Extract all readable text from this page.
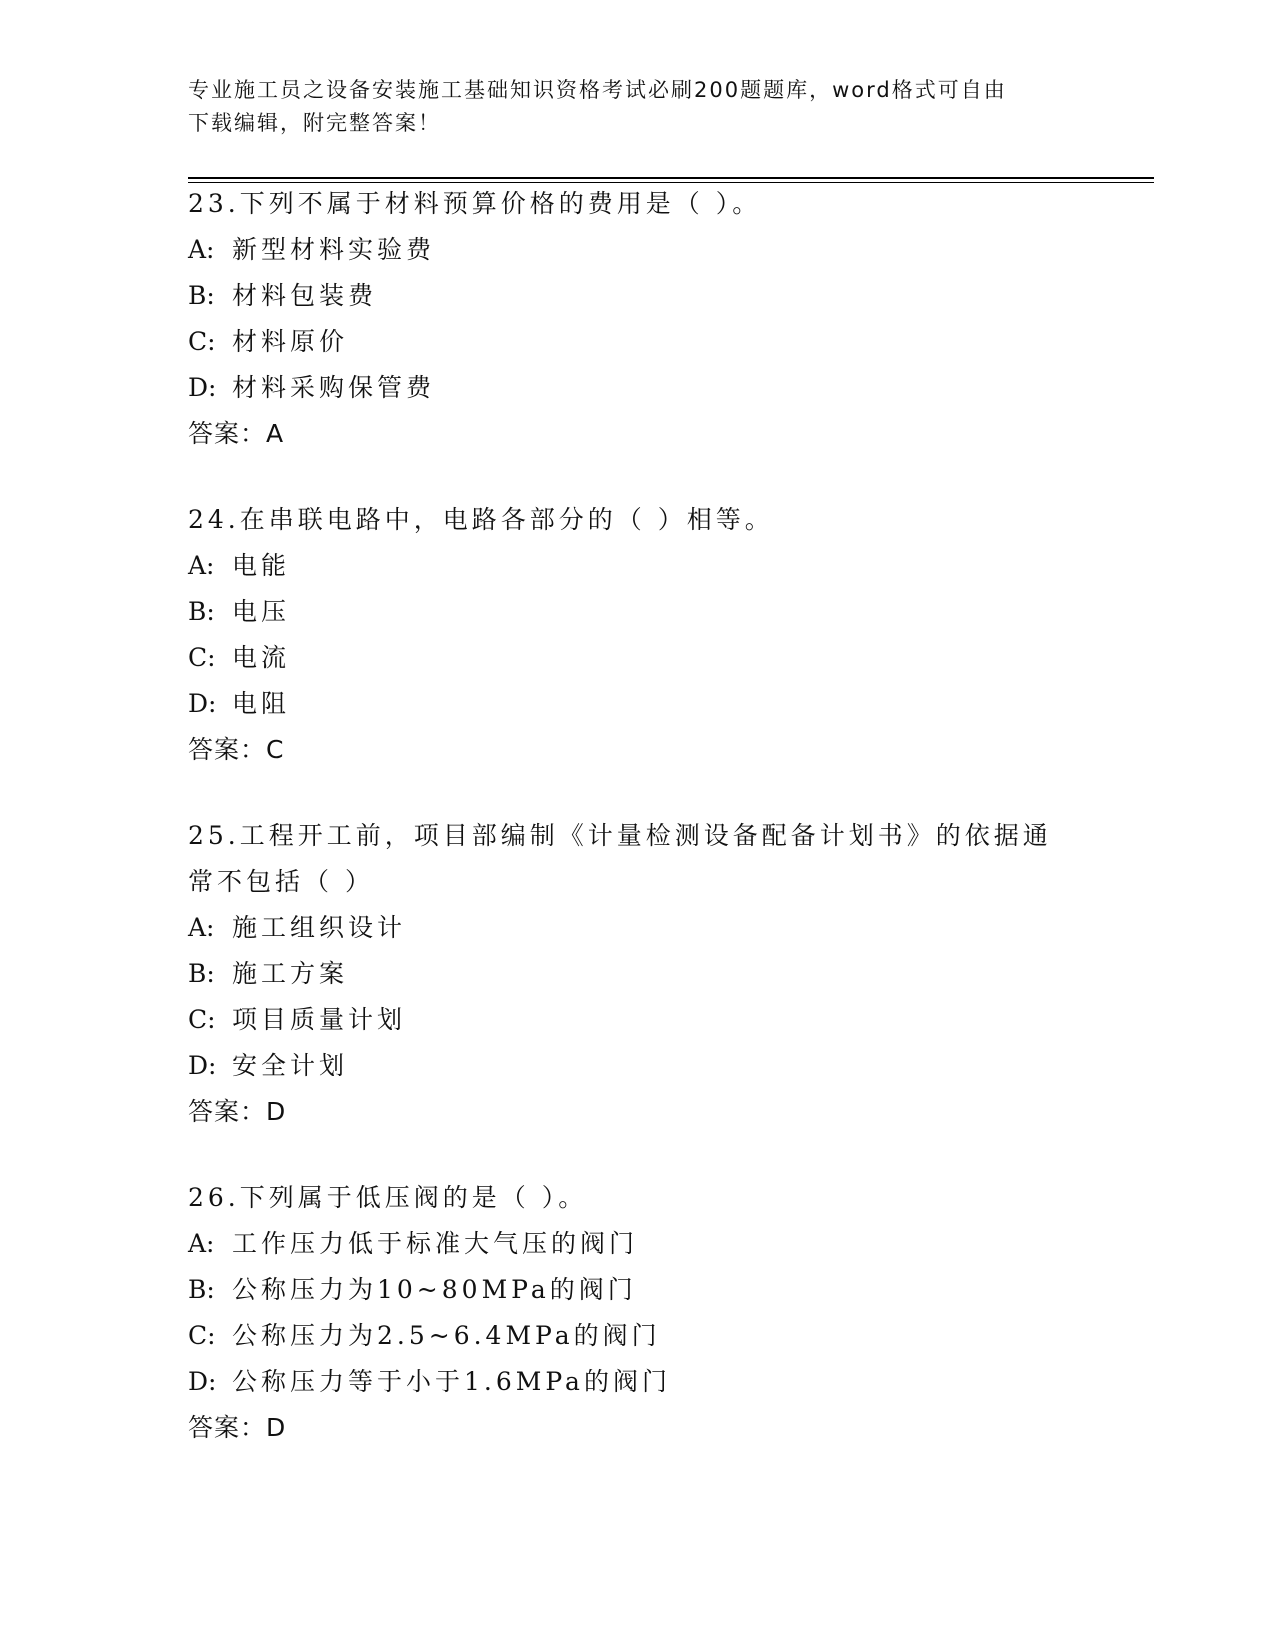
专业施工员之设备安装施工基础知识资格考试必刷200题题库，word格式可自由
下载编辑，附完整答案！
23.下列不属于材料预算价格的费用是（ ）。
A: 新型材料实验费
B: 材料包装费
C: 材料原价
D: 材料采购保管费
答案：A
24.在串联电路中，电路各部分的（ ）相等。
A: 电能
B: 电压
C: 电流
D: 电阻
答案：C
25.工程开工前，项目部编制《计量检测设备配备计划书》的依据通常不包括（ ）
A: 施工组织设计
B: 施工方案
C: 项目质量计划
D: 安全计划
答案：D
26.下列属于低压阀的是（ ）。
A: 工作压力低于标准大气压的阀门
B: 公称压力为10~80MPa的阀门
C: 公称压力为2.5~6.4MPa的阀门
D: 公称压力等于小于1.6MPa的阀门
答案：D
